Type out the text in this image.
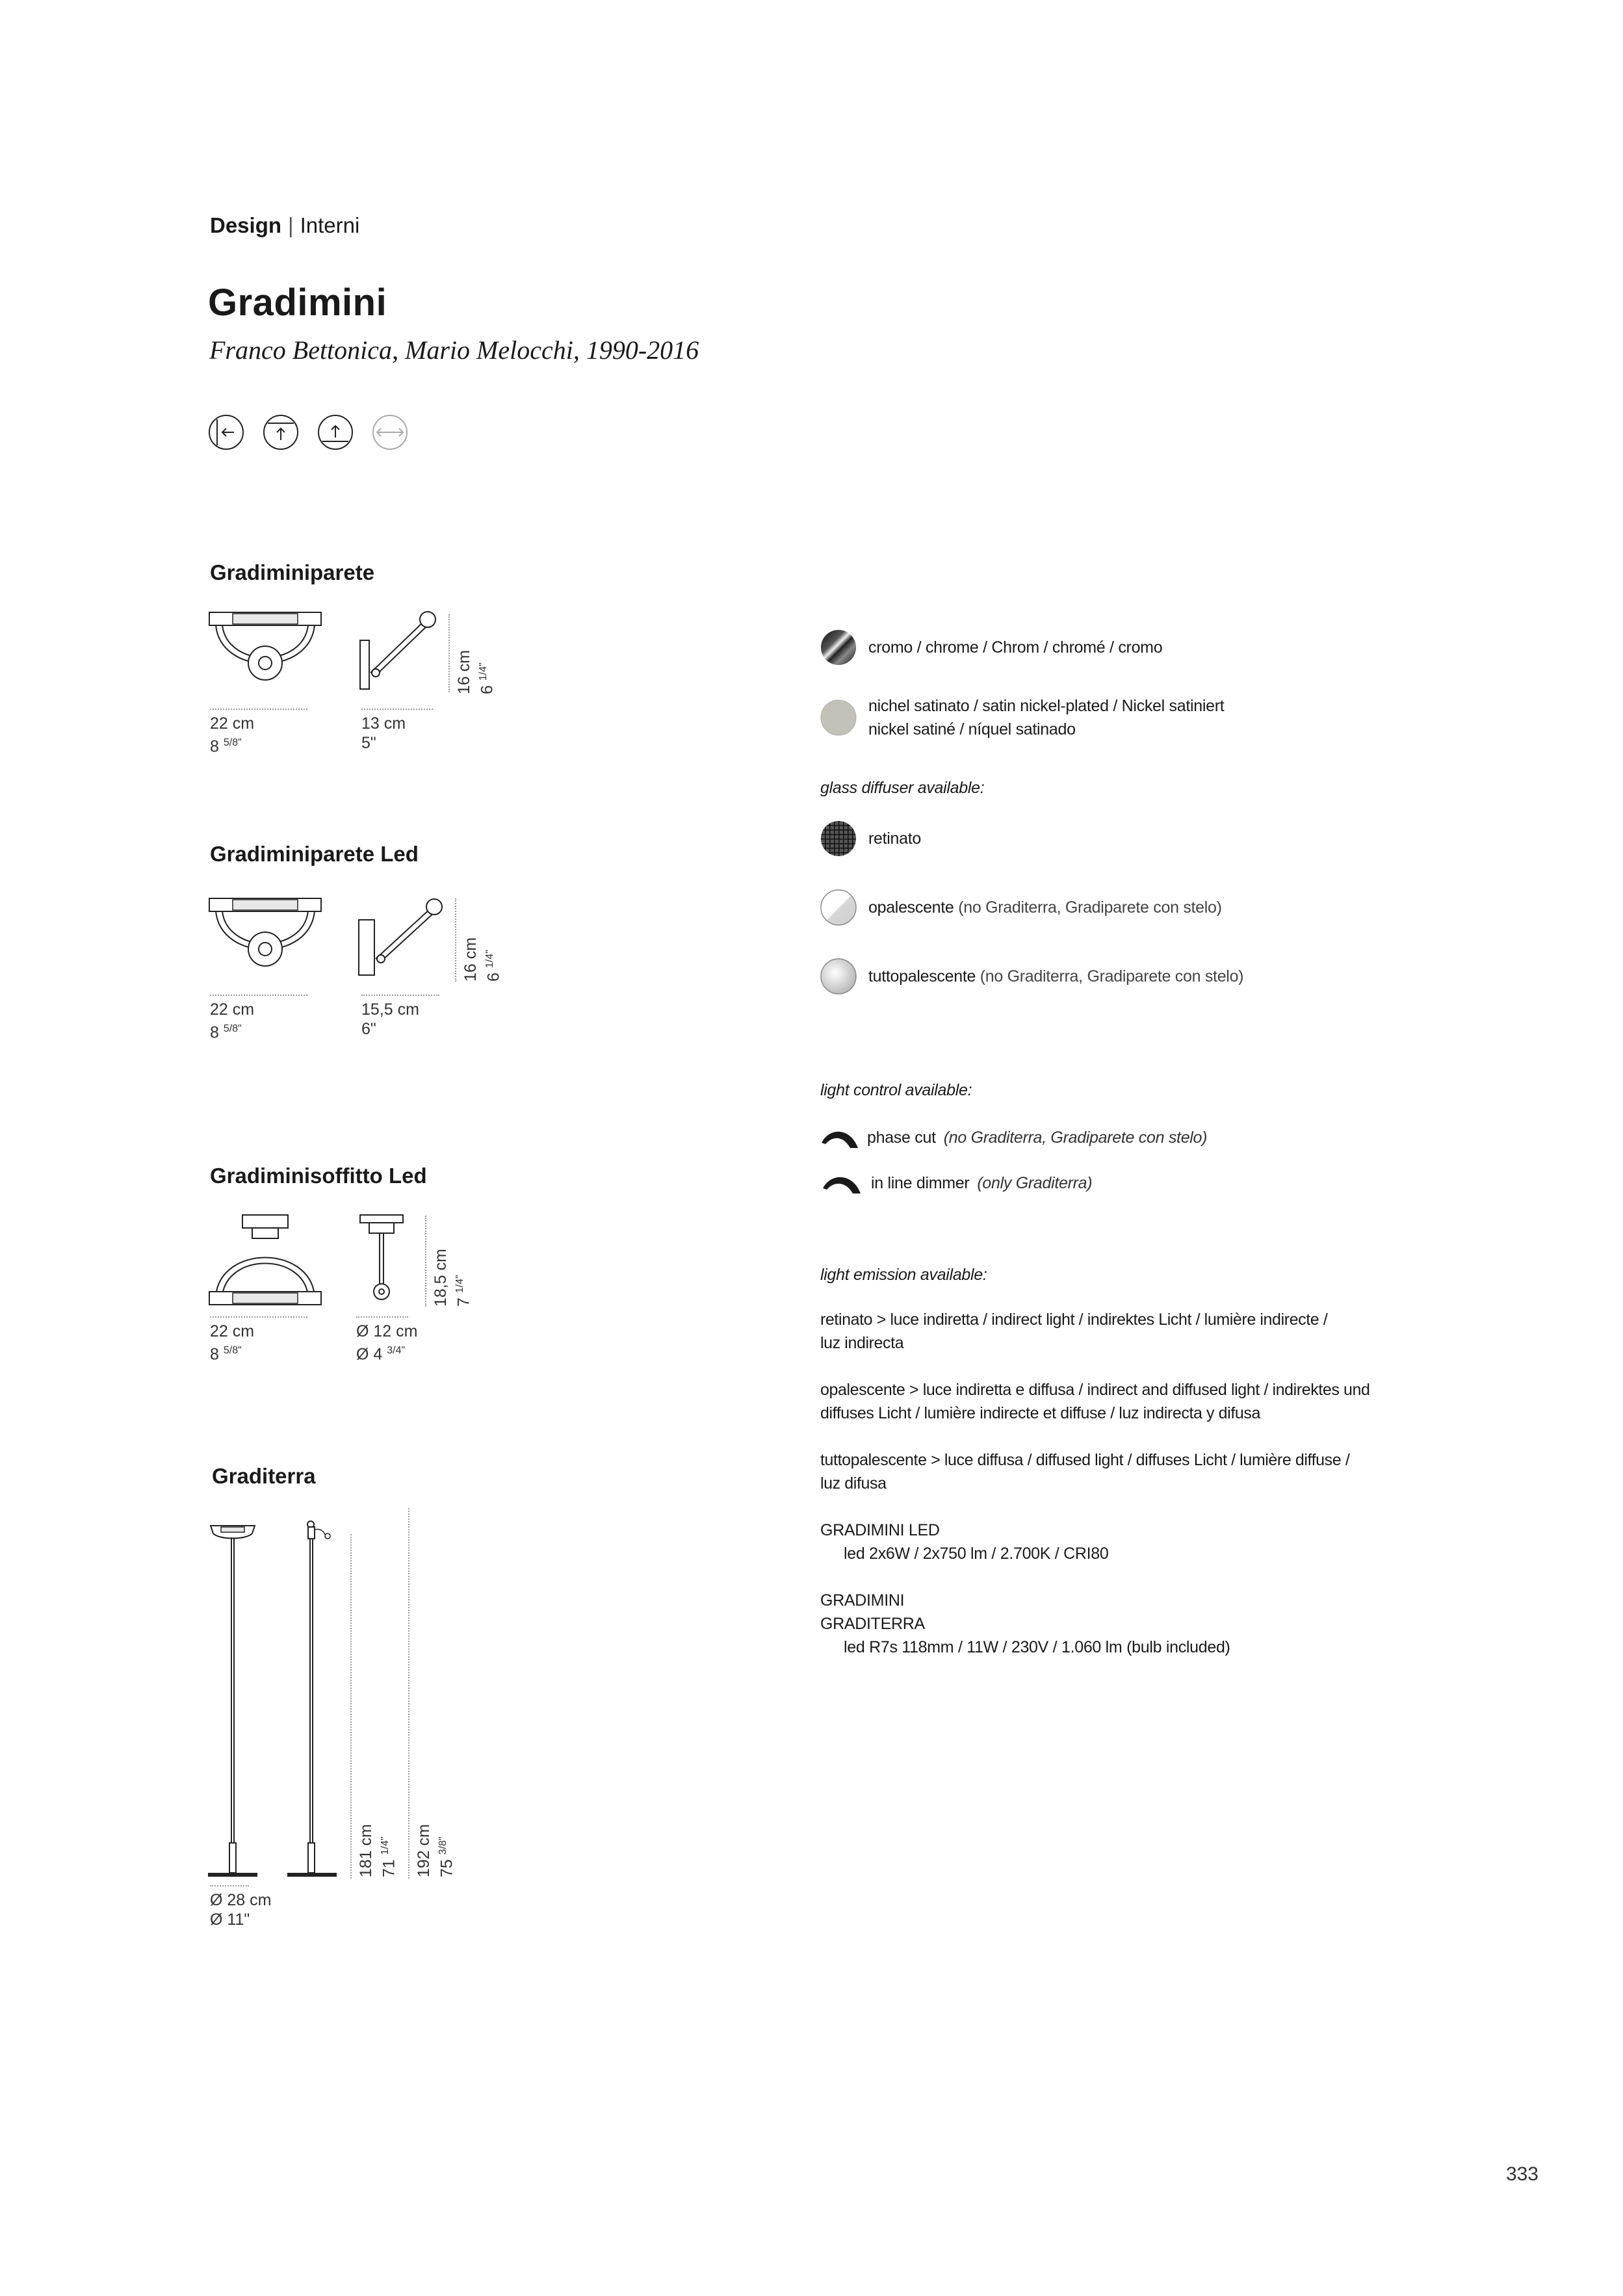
Design | Interni
Gradimini
Franco Bettonica, Mario Melocchi, 1990-2016
Gradiminiparete
22 cm
8 $^{5/8"}$
13 cm
5"
16 cm 6 $^{1/4"}$
Gradiminiparete Led
22 cm
8 $^{5/8"}$
15,5 cm
6"
16 cm 6 $^{1/4"}$
Gradiminisoffitto Led
22 cm
8 $^{5/8"}$
Ø 12 cm
Ø 4 $^{3/4"}$
18,5 cm 7 $^{1/4"}$
Graditerra
Ø 28 cm
Ø 11"
181 cm 71 $^{1/4"}$	192 cm 75 $^{3/8"}$
cromo / chrome / Chrom / chromé / cromo
nichel satinato / satin nickel-plated / Nickel satiniert
nickel satiné / níquel satinado
glass diffuser available:
retinato
opalescente (no Graditerra, Gradiparete con stelo)
tuttopalescente (no Graditerra, Gradiparete con stelo)
light control available:
phase cut (no Graditerra, Gradiparete con stelo)
in line dimmer (only Graditerra)
light emission available:
retinato > luce indiretta / indirect light / indirektes Licht / lumière indirecte /
luz indirecta
opalescente > luce indiretta e diffusa / indirect and diffused light / indirektes und
diffuses Licht / lumière indirecte et diffuse / luz indirecta y difusa
tuttopalescente > luce diffusa / diffused light / diffuses Licht / lumière diffuse /
luz difusa
GRADIMINI LED
led 2x6W / 2x750 lm / 2.700K / CRI80
GRADIMINI
GRADITERRA
led R7s 118mm / 11W / 230V / 1.060 lm (bulb included)
333
